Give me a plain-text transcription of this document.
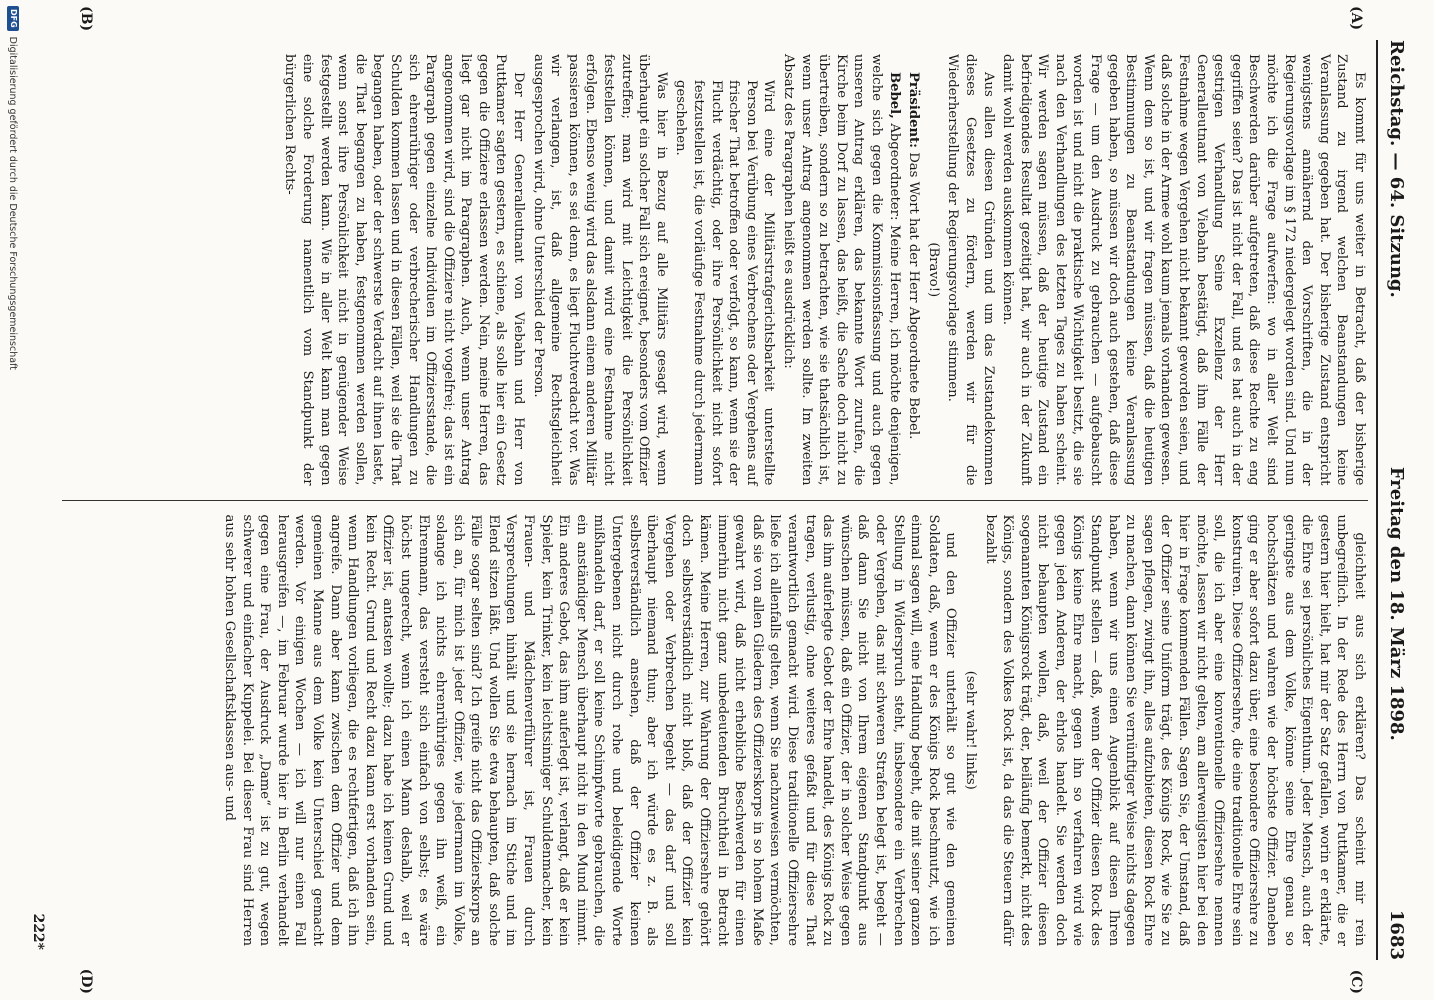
Reichstag. — 64. Sitzung.
Freitag den 18. März 1898.
1683
(A)
(B)
(C)
(D)

Es kommt für uns weiter in Betracht, daß der bisherige Zustand zu irgend welchen Beanstandungen keine Veranlassung gegeben hat. Der bisherige Zustand entspricht wenigstens annähernd den Vorschriften, die in der Regierungsvorlage im § 172 niedergelegt worden sind. Und nun möchte ich die Frage aufwerfen: wo in aller Welt sind Beschwerden darüber aufgetreten, daß diese Rechte zu eng gegriffen seien? Das ist nicht der Fall, und es hat auch in der gestrigen Verhandlung Seine Exzellenz der Herr Generalleutnant von Viebahn bestätigt, daß ihm Fälle der Festnahme wegen Vergehen nicht bekannt geworden seien, und daß solche in der Armee wohl kaum jemals vorhanden gewesen. Wenn dem so ist, und wir fragen müssen, daß die heutigen Bestimmungen zu Beanstandungen keine Veranlassung gegeben haben, so müssen wir doch auch gestehen, daß diese Frage — um den Ausdruck zu gebrauchen — aufgebauscht worden ist und nicht die praktische Wichtigkeit besitzt, die sie nach den Verhandlungen des letzten Tages zu haben scheint. Wir werden sagen müssen, daß der heutige Zustand ein befriedigendes Resultat gezeitigt hat, wir auch in der Zukunft damit wohl werden auskommen können.

Aus allen diesen Gründen und um das Zustandekommen dieses Gesetzes zu fördern, werden wir für die Wiederherstellung der Regierungsvorlage stimmen.

(Bravo!)

Präsident: Das Wort hat der Herr Abgeordnete Bebel.

Bebel, Abgeordneter: Meine Herren, ich möchte denjenigen, welche sich gegen die Kommissionsfassung und auch gegen unseren Antrag erklären, das bekannte Wort zurufen, die Kirche beim Dorf zu lassen, das heißt, die Sache doch nicht zu übertreiben, sondern so zu betrachten, wie sie thatsächlich ist, wenn unser Antrag angenommen werden sollte. Im zweiten Absatz des Paragraphen heißt es ausdrücklich:

Wird eine der Militärstrafgerichtsbarkeit unterstellte Person bei Verübung eines Verbrechens oder Vergehens auf frischer That betroffen oder verfolgt, so kann, wenn sie der Flucht verdächtig, oder ihre Persönlichkeit nicht sofort festzustellen ist, die vorläufige Festnahme durch jedermann geschehen.

Was hier in Bezug auf alle Militärs gesagt wird, wenn überhaupt ein solcher Fall sich ereignet, besonders vom Offizier zutreffen; man wird mit Leichtigkeit die Persönlichkeit feststellen können, und damit wird eine Festnahme nicht erfolgen. Ebenso wenig wird das alsdann einem anderen Militär passieren können, es sei denn, es liegt Fluchtverdacht vor. Was wir verlangen, ist, daß allgemeine Rechtsgleichheit ausgesprochen wird, ohne Unterschied der Person.

Der Herr Generalleutnant von Viebahn und Herr von Puttkamer sagten gestern, es schiene, als solle hier ein Gesetz gegen die Offiziere erlassen werden. Nein, meine Herren, das liegt gar nicht im Paragraphen. Auch, wenn unser Antrag angenommen wird, sind die Offiziere nicht vogelfrei; das ist ein Paragraph gegen einzelne Individuen im Offiziersstande, die sich ehrenrühriger oder verbrecherischer Handlungen zu Schulden kommen lassen und in diesen Fällen, weil sie die That begangen haben, oder der schwerste Verdacht auf ihnen lastet, die That begangen zu haben, festgenommen werden sollen, wenn sonst ihre Persönlichkeit nicht in genügender Weise festgestellt werden kann. Wie in aller Welt kann man gegen eine solche Forderung namentlich vom Standpunkt der bürgerlichen Rechts-

gleichheit aus sich erklären? Das scheint mir rein unbegreiflich. In der Rede des Herrn von Puttkamer, die er gestern hier hielt, hat mir der Satz gefallen, worin er erklärte, die Ehre sei persönliches Eigenthum. Jeder Mensch, auch der geringste aus dem Volke, könne seine Ehre genau so hochschätzen und wahren wie der höchste Offizier. Daneben ging er aber sofort dazu über, eine besondere Offiziersehre zu konstruiren. Diese Offiziersehre, die eine traditionelle Ehre sein soll, die ich aber eine konventionelle Offiziersehre nennen möchte, lassen wir nicht gelten, am allerwenigsten hier bei den hier in Frage kommenden Fällen. Sagen Sie, der Umstand, daß der Offizier seine Uniform trägt, des Königs Rock, wie Sie zu sagen pflegen, zwingt ihn, alles aufzubieten, diesen Rock Ehre zu machen, dann können Sie vernünftiger Weise nichts dagegen haben, wenn wir uns einen Augenblick auf diesen Ihren Standpunkt stellen — daß, wenn der Offizier diesen Rock des Königs keine Ehre macht, gegen ihn so verfahren wird wie gegen jeden Anderen, der ehrlos handelt. Sie werden doch nicht behaupten wollen, daß, weil der Offizier diesen sogenannten Königsrock trägt, der, beiläufig bemerkt, nicht des Königs, sondern des Volkes Rock ist, da das die Steuern dafür bezahlt

(sehr wahr! links)

und den Offizier unterhält so gut wie den gemeinen Soldaten, daß, wenn er des Königs Rock beschmutzt, wie ich einmal sagen will, eine Handlung begeht, die mit seiner ganzen Stellung in Widerspruch steht, insbesondere ein Verbrechen oder Vergehen, das mit schweren Strafen belegt ist, begeht — daß dann Sie nicht von Ihrem eigenen Standpunkt aus wünschen müssen, daß ein Offizier, der in solcher Weise gegen das ihm auferlegte Gebot der Ehre handelt, des Königs Rock zu tragen, verlustig, ohne weiteres gefaßt und für diese That verantwortlich gemacht wird. Diese traditionelle Offiziersehre ließe ich allenfalls gelten, wenn Sie nachzuweisen vermöchten, daß sie von allen Gliedern des Offizierskorps in so hohem Maße gewahrt wird, daß nicht erhebliche Beschwerden für einen immerhin nicht ganz unbedeutenden Bruchtheil in Betracht kämen. Meine Herren, zur Wahrung der Offiziersehre gehört doch selbstverständlich nicht bloß, daß der Offizier kein Vergehen oder Verbrechen begeht — das darf und soll überhaupt niemand thun; aber ich würde es z. B. als selbstverständlich ansehen, daß der Offizier keinen Untergebenen nicht durch rohe und beleidigende Worte mißhandeln darf, er soll keine Schimpfworte gebrauchen, die ein anständiger Mensch überhaupt nicht in den Mund nimmt. Ein anderes Gebot, das ihm auferlegt ist, verlangt, daß er kein Spieler, kein Trinker, kein leichtsinniger Schuldenmacher, kein Frauen- und Mädchenverführer ist, Frauen durch Versprechungen hinhält und sie hernach im Stiche und im Elend sitzen läßt. Und wollen Sie etwa behaupten, daß solche Fälle sogar selten sind? Ich greife nicht das Offizierskorps an sich an, für mich ist jeder Offizier, wie jedermann im Volke, solange ich nichts ehrenrühriges gegen ihn weiß, ein Ehrenmann, das versteht sich einfach von selbst; es wäre höchst ungerecht, wenn ich einen Mann deshalb, weil er Offizier ist, antasten wollte; dazu habe ich keinen Grund und kein Recht. Grund und Recht dazu kann erst vorhanden sein, wenn Handlungen vorliegen, die es rechtfertigen, daß ich ihn angreife. Dann aber kann zwischen dem Offizier und dem gemeinen Manne aus dem Volke kein Unterschied gemacht werden. Vor einigen Wochen — ich will nur einen Fall herausgreifen —, im Februar wurde hier in Berlin verhandelt gegen eine Frau, der Ausdruck „Dame“ ist zu gut, wegen schwerer und einfacher Kuppelei. Bei dieser Frau sind Herren aus sehr hohen Gesellschaftsklassen aus- und

222*
DFG
Digitalisierung gefördert durch die Deutsche Forschungsgemeinschaft
